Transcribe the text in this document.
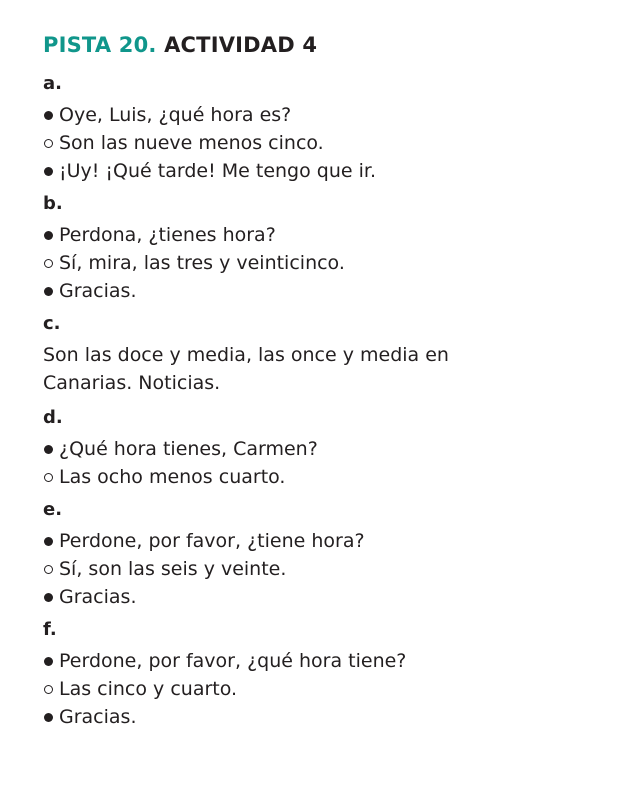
PISTA 20. ACTIVIDAD 4
a.
Oye, Luis, ¿qué hora es?
Son las nueve menos cinco.
¡Uy! ¡Qué tarde! Me tengo que ir.
b.
Perdona, ¿tienes hora?
Sí, mira, las tres y veinticinco.
Gracias.
c.
Son las doce y media, las once y media en Canarias. Noticias.
d.
¿Qué hora tienes, Carmen?
Las ocho menos cuarto.
e.
Perdone, por favor, ¿tiene hora?
Sí, son las seis y veinte.
Gracias.
f.
Perdone, por favor, ¿qué hora tiene?
Las cinco y cuarto.
Gracias.
